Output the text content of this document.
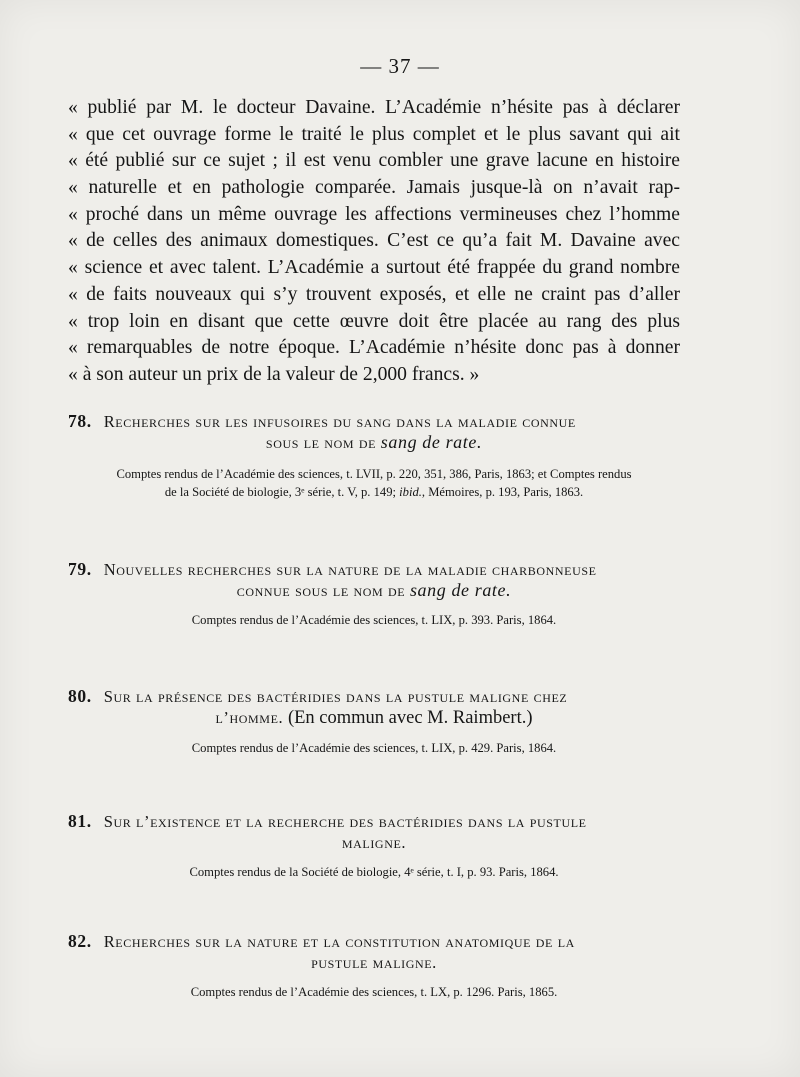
— 37 —
« publié par M. le docteur Davaine. L’Académie n’hésite pas à déclarer
« que cet ouvrage forme le traité le plus complet et le plus savant qui ait
« été publié sur ce sujet ; il est venu combler une grave lacune en histoire
« naturelle et en pathologie comparée. Jamais jusque-là on n’avait rap-
« proché dans un même ouvrage les affections vermineuses chez l’homme
« de celles des animaux domestiques. C’est ce qu’a fait M. Davaine avec
« science et avec talent. L’Académie a surtout été frappée du grand nombre
« de faits nouveaux qui s’y trouvent exposés, et elle ne craint pas d’aller
« trop loin en disant que cette œuvre doit être placée au rang des plus
« remarquables de notre époque. L’Académie n’hésite donc pas à donner
« à son auteur un prix de la valeur de 2,000 francs. »
78. Recherches sur les infusoires du sang dans la maladie connue
sous le nom de sang de rate.
Comptes rendus de l’Académie des sciences, t. LVII, p. 220, 351, 386, Paris, 1863; et Comptes rendus
de la Société de biologie, 3ᵉ série, t. V, p. 149; ibid., Mémoires, p. 193, Paris, 1863.
79. Nouvelles recherches sur la nature de la maladie charbonneuse
connue sous le nom de sang de rate.
Comptes rendus de l’Académie des sciences, t. LIX, p. 393. Paris, 1864.
80. Sur la présence des bactéridies dans la pustule maligne chez
l’homme. (En commun avec M. Raimbert.)
Comptes rendus de l’Académie des sciences, t. LIX, p. 429. Paris, 1864.
81. Sur l’existence et la recherche des bactéridies dans la pustule
maligne.
Comptes rendus de la Société de biologie, 4ᵉ série, t. I, p. 93. Paris, 1864.
82. Recherches sur la nature et la constitution anatomique de la
pustule maligne.
Comptes rendus de l’Académie des sciences, t. LX, p. 1296. Paris, 1865.
